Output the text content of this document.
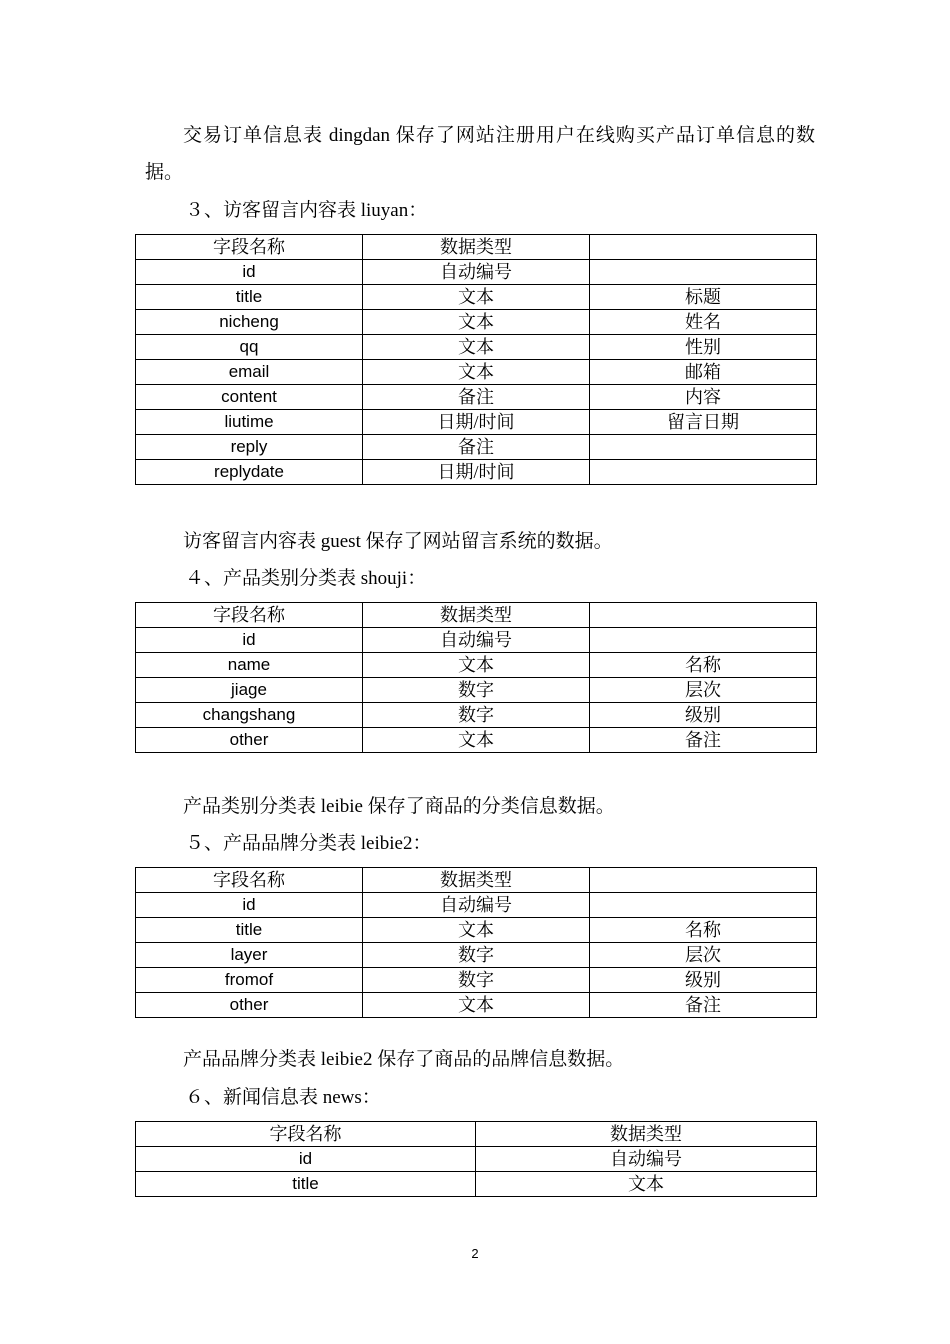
交易订单信息表 dingdan 保存了网站注册用户在线购买产品订单信息的数据。

３、访客留言内容表 liuyan：
字段名称	数据类型	
id	自动编号	
title	文本	标题
nicheng	文本	姓名
qq	文本	性别
email	文本	邮箱
content	备注	内容
liutime	日期/时间	留言日期
reply	备注	
replydate	日期/时间	
访客留言内容表 guest 保存了网站留言系统的数据。
４、产品类别分类表 shouji：
字段名称	数据类型	
id	自动编号	
name	文本	名称
jiage	数字	层次
changshang	数字	级别
other	文本	备注
产品类别分类表 leibie 保存了商品的分类信息数据。
５、产品品牌分类表 leibie2：
字段名称	数据类型	
id	自动编号	
title	文本	名称
layer	数字	层次
fromof	数字	级别
other	文本	备注
产品品牌分类表 leibie2 保存了商品的品牌信息数据。
６、新闻信息表 news：
字段名称	数据类型
id	自动编号
title	文本
2
